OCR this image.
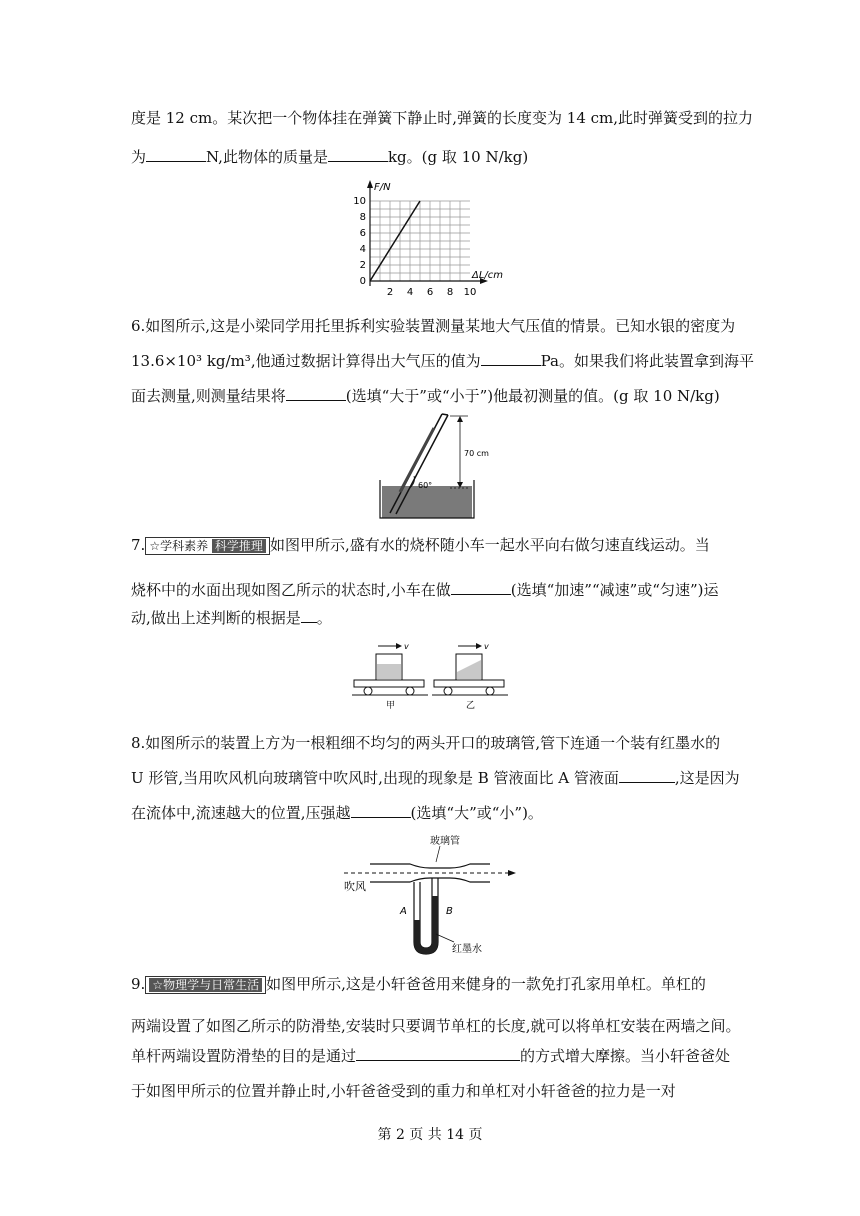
度是 12 cm。某次把一个物体挂在弹簧下静止时,弹簧的长度变为 14 cm,此时弹簧受到的拉力
为	N,此物体的质量是	kg。(g 取 10 N/kg)
F/N
ΔL/cm
10
8
6
4
2
0
2 4 6 8 10
6.如图所示,这是小梁同学用托里拆利实验装置测量某地大气压值的情景。已知水银的密度为
13.6×10³ kg/m³,他通过数据计算得出大气压的值为	Pa。如果我们将此装置拿到海平
面去测量,则测量结果将	(选填“大于”或“小于”)他最初测量的值。(g 取 10 N/kg)
70 cm
60°
7. ☆学科素养 科学推理 如图甲所示,盛有水的烧杯随小车一起水平向右做匀速直线运动。当
烧杯中的水面出现如图乙所示的状态时,小车在做	(选填“加速”“减速”或“匀速”)运
动,做出上述判断的根据是 。
v
甲
v
乙
8.如图所示的装置上方为一根粗细不均匀的两头开口的玻璃管,管下连通一个装有红墨水的
U 形管,当用吹风机向玻璃管中吹风时,出现的现象是 B 管液面比 A 管液面	,这是因为
在流体中,流速越大的位置,压强越	(选填“大”或“小”)。
玻璃管
吹风
A	B
红墨水
9. ☆物理学与日常生活 如图甲所示,这是小轩爸爸用来健身的一款免打孔家用单杠。单杠的
两端设置了如图乙所示的防滑垫,安装时只要调节单杠的长度,就可以将单杠安装在两墙之间。
单杆两端设置防滑垫的目的是通过	的方式增大摩擦。当小轩爸爸处
于如图甲所示的位置并静止时,小轩爸爸受到的重力和单杠对小轩爸爸的拉力是一对
第 2 页 共 14 页
